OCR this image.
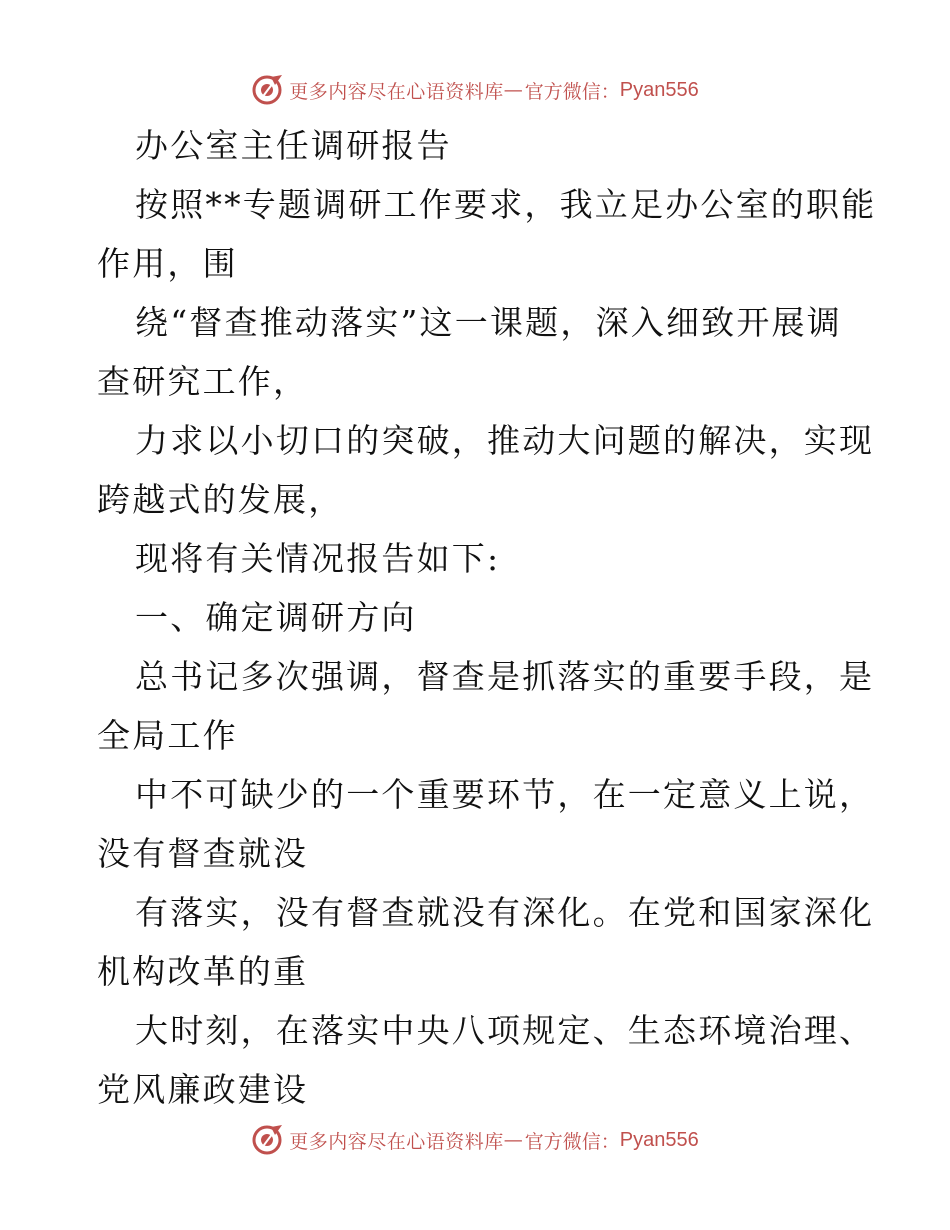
更多内容尽在心语资料库 — 官方微信： Pyan556
办公室主任调研报告
按照**专题调研工作要求，我立足办公室的职能
作用，围
绕“督查推动落实”这一课题，深入细致开展调
查研究工作，
力求以小切口的突破，推动大问题的解决，实现
跨越式的发展，
现将有关情况报告如下:
一、确定调研方向
总书记多次强调，督查是抓落实的重要手段，是
全局工作
中不可缺少的一个重要环节，在一定意义上说，
没有督查就没
有落实，没有督查就没有深化。在党和国家深化
机构改革的重
大时刻，在落实中央八项规定、生态环境治理、
党风廉政建设
更多内容尽在心语资料库 — 官方微信： Pyan556
